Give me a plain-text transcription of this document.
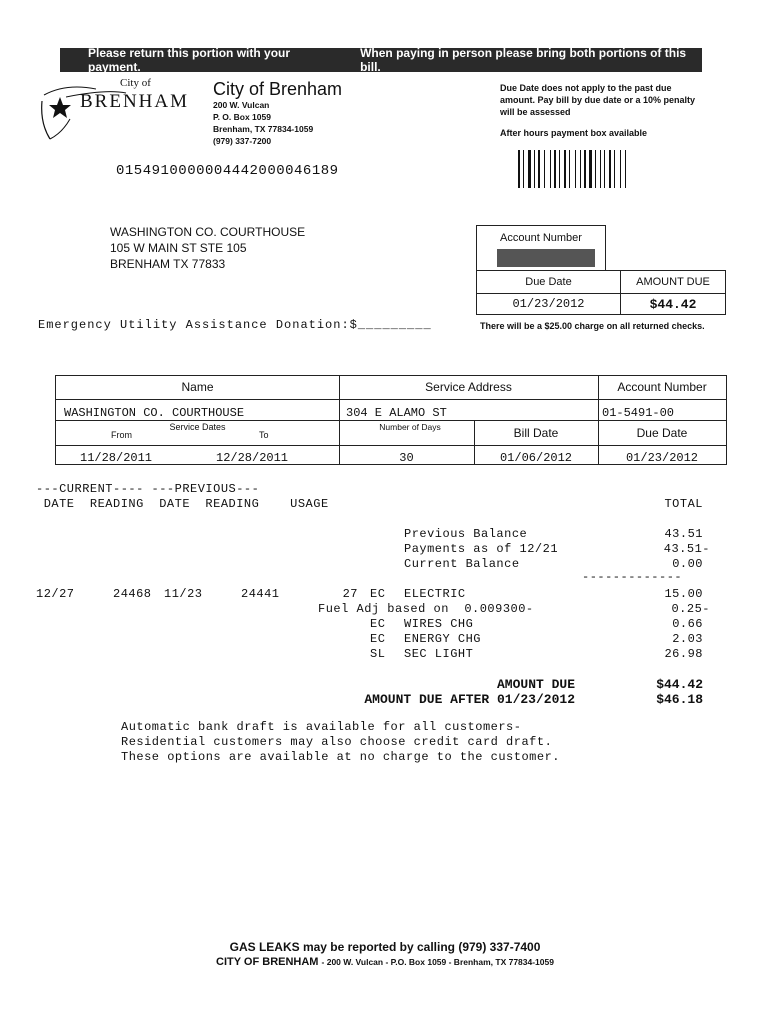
Please return this portion with your payment.
When paying in person please bring both portions of this bill.
City of
BRENHAM
City of Brenham
200 W. Vulcan
P. O. Box 1059
Brenham, TX 77834-1059
(979) 337-7200
Due Date does not apply to the past due amount. Pay bill by due date or a 10% penalty will be assessed
After hours payment box available
0154910000004442000046189
WASHINGTON CO. COURTHOUSE
105 W MAIN ST STE 105
BRENHAM TX 77833
Account Number
Due Date	AMOUNT DUE
01/23/2012	$44.42
Emergency Utility Assistance Donation:$_________	There will be a $25.00 charge on all returned checks.
Name	Service Address	Account Number
WASHINGTON CO. COURTHOUSE	304 E ALAMO ST	01-5491-00
Service Dates
From	To
Number of Days	Bill Date	Due Date
11/28/2011	12/28/2011	30	01/06/2012	01/23/2012
---CURRENT---- ---PREVIOUS---
DATE  READING  DATE  READING    USAGE	TOTAL
Previous Balance	43.51
Payments as of 12/21	43.51-
Current Balance	0.00
-------------
12/27	24468 11/23	24441	27 EC ELECTRIC	15.00
Fuel Adj based on  0.009300-	0.25-
EC WIRES CHG	0.66
EC ENERGY CHG	2.03
SL SEC LIGHT	26.98
AMOUNT DUE	$44.42
AMOUNT DUE AFTER 01/23/2012	$46.18
Automatic bank draft is available for all customers-
Residential customers may also choose credit card draft.
These options are available at no charge to the customer.
GAS LEAKS may be reported by calling (979) 337-7400
CITY OF BRENHAM - 200 W. Vulcan - P.O. Box 1059 - Brenham, TX 77834-1059
